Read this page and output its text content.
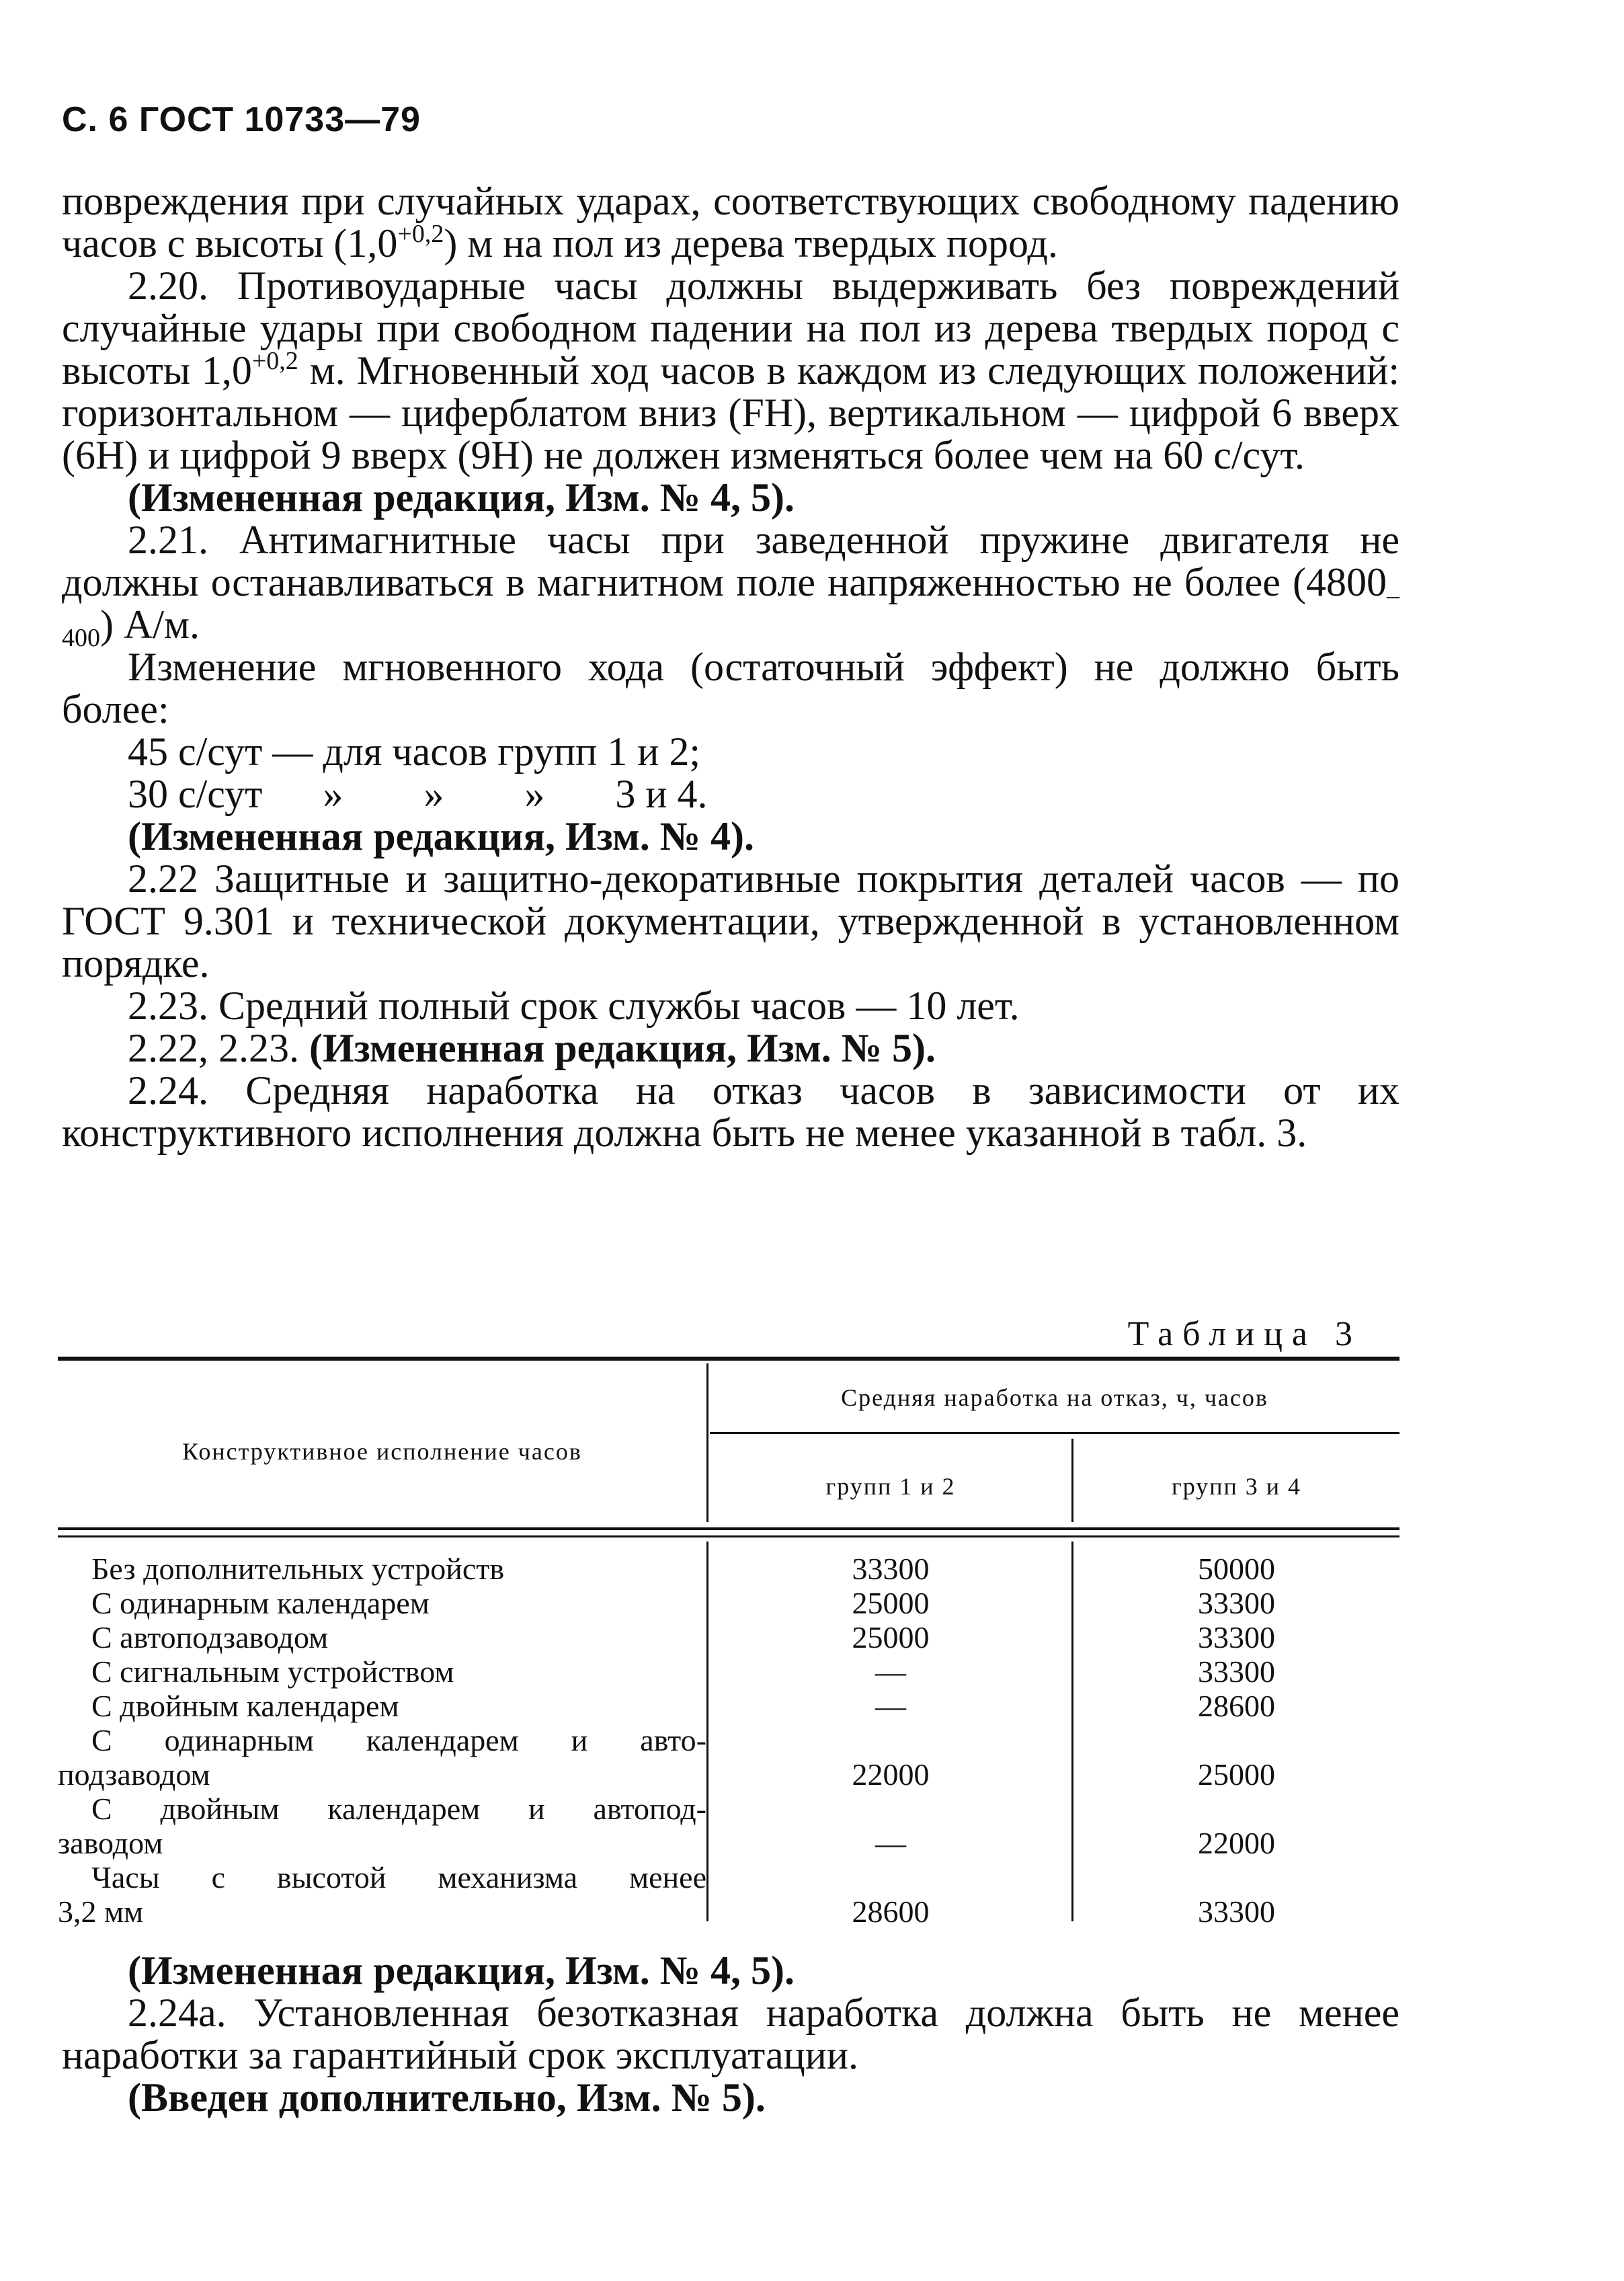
С. 6 ГОСТ 10733—79

повреждения при случайных ударах, соответствующих свободному падению часов с высоты $(1,0^{+0,2})$ м на пол из дерева твердых пород.

2.20. Противоударные часы должны выдерживать без повреждений случайные удары при свободном падении на пол из дерева твердых пород с высоты $1,0^{+0,2}$ м. Мгновенный ход часов в каждом из следующих положений: горизонтальном — циферблатом вниз (FH), вертикальном — цифрой 6 вверх (6H) и цифрой 9 вверх (9H) не должен изменяться более чем на 60 с/сут.

(Измененная редакция, Изм. № 4, 5).

2.21. Антимагнитные часы при заведенной пружине двигателя не должны останавливаться в магнитном поле напряженностью не более $(4800_{-400})$ А/м.

Изменение мгновенного хода (остаточный эффект) не должно быть более:

45 с/сут — для часов групп 1 и 2;

30 с/сут      »        »        »       3 и 4.

(Измененная редакция, Изм. № 4).

2.22 Защитные и защитно-декоративные покрытия деталей часов — по ГОСТ 9.301 и технической документации, утвержденной в установленном порядке.

2.23. Средний полный срок службы часов — 10 лет.

2.22, 2.23. (Измененная редакция, Изм. № 5).

2.24. Средняя наработка на отказ часов в зависимости от их конструктивного исполнения должна быть не менее указанной в табл. 3.

Таблица 3
Конструктивное исполнение часов
Средняя наработка на отказ, ч, часов
групп 1 и 2	групп 3 и 4
Без дополнительных устройств	33300	50000
С одинарным календарем	25000	33300
С автоподзаводом	25000	33300
С сигнальным устройством	—	33300
С двойным календарем	—	28600
С одинарным календарем и авто-
подзаводом	22000	25000
С двойным календарем и автопод-
заводом	—	22000
Часы с высотой механизма менее
3,2 мм	28600	33300

(Измененная редакция, Изм. № 4, 5).

2.24а. Установленная безотказная наработка должна быть не менее наработки за гарантийный срок эксплуатации.

(Введен дополнительно, Изм. № 5).
